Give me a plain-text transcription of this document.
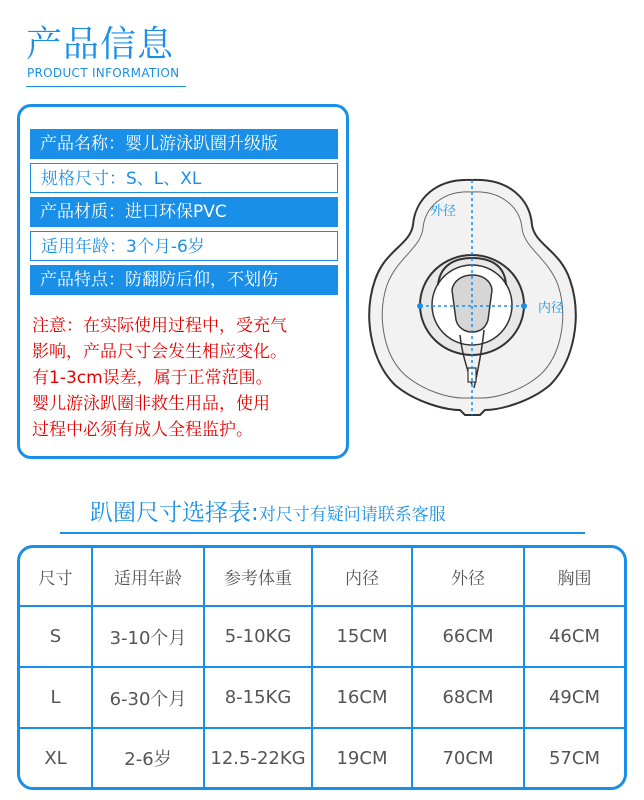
产品信息
PRODUCT INFORMATION
产品名称：婴儿游泳趴圈升级版
规格尺寸：S、L、XL
产品材质：进口环保PVC
适用年龄：3个月-6岁
产品特点：防翻防后仰，不划伤
注意：在实际使用过程中，受充气
影响，产品尺寸会发生相应变化。
有1-3cm误差，属于正常范围。
婴儿游泳趴圈非救生用品，使用
过程中必须有成人全程监护。
外径
内径
趴圈尺寸选择表:对尺寸有疑问请联系客服
尺寸	适用年龄	参考体重	内径	外径	胸围
S	3-10个月	5-10KG	15CM	66CM	46CM
L	6-30个月	8-15KG	16CM	68CM	49CM
XL	2-6岁	12.5-22KG	19CM	70CM	57CM
